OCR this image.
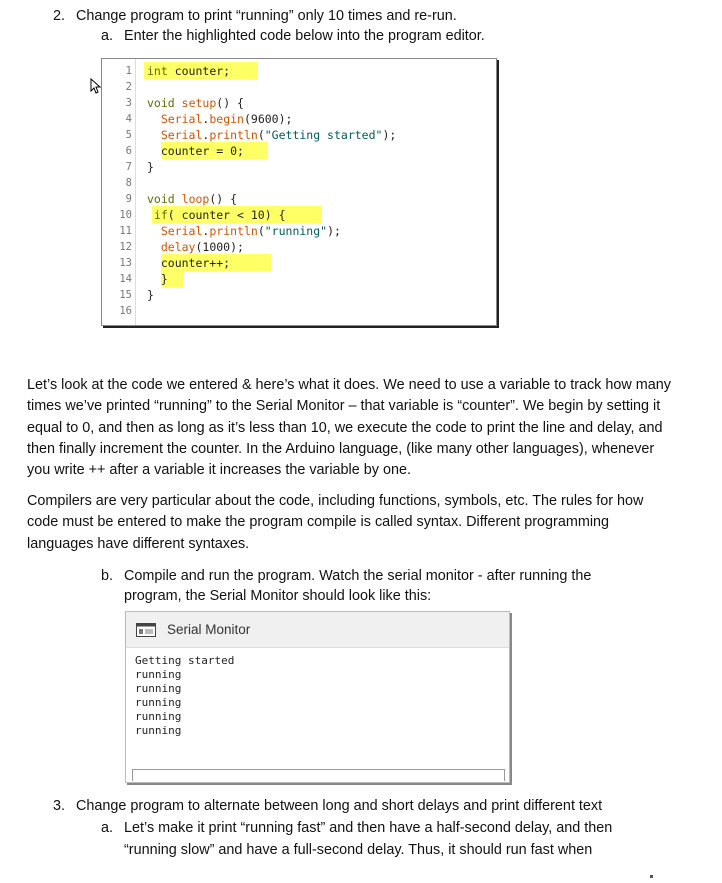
2. Change program to print “running” only 10 times and re-run.
a. Enter the highlighted code below into the program editor.
1
2
3
4
5
6
7
8
9
10
11
12
13
14
15
16
int counter;
void setup() {
Serial.begin(9600);
Serial.println("Getting started");
counter = 0;
}
void loop() {
if( counter < 10) {
Serial.println("running");
delay(1000);
counter++;
}
}
Let’s look at the code we entered & here’s what it does. We need to use a variable to track how many times we’ve printed “running” to the Serial Monitor – that variable is “counter”. We begin by setting it equal to 0, and then as long as it’s less than 10, we execute the code to print the line and delay, and then finally increment the counter. In the Arduino language, (like many other languages), whenever you write ++ after a variable it increases the variable by one.
Compilers are very particular about the code, including functions, symbols, etc. The rules for how code must be entered to make the program compile is called syntax. Different programming languages have different syntaxes.
b. Compile and run the program. Watch the serial monitor - after running the
program, the Serial Monitor should look like this:
Serial Monitor
Getting started
running
running
running
running
running
3. Change program to alternate between long and short delays and print different text
a. Let’s make it print “running fast” and then have a half-second delay, and then
“running slow” and have a full-second delay. Thus, it should run fast when
